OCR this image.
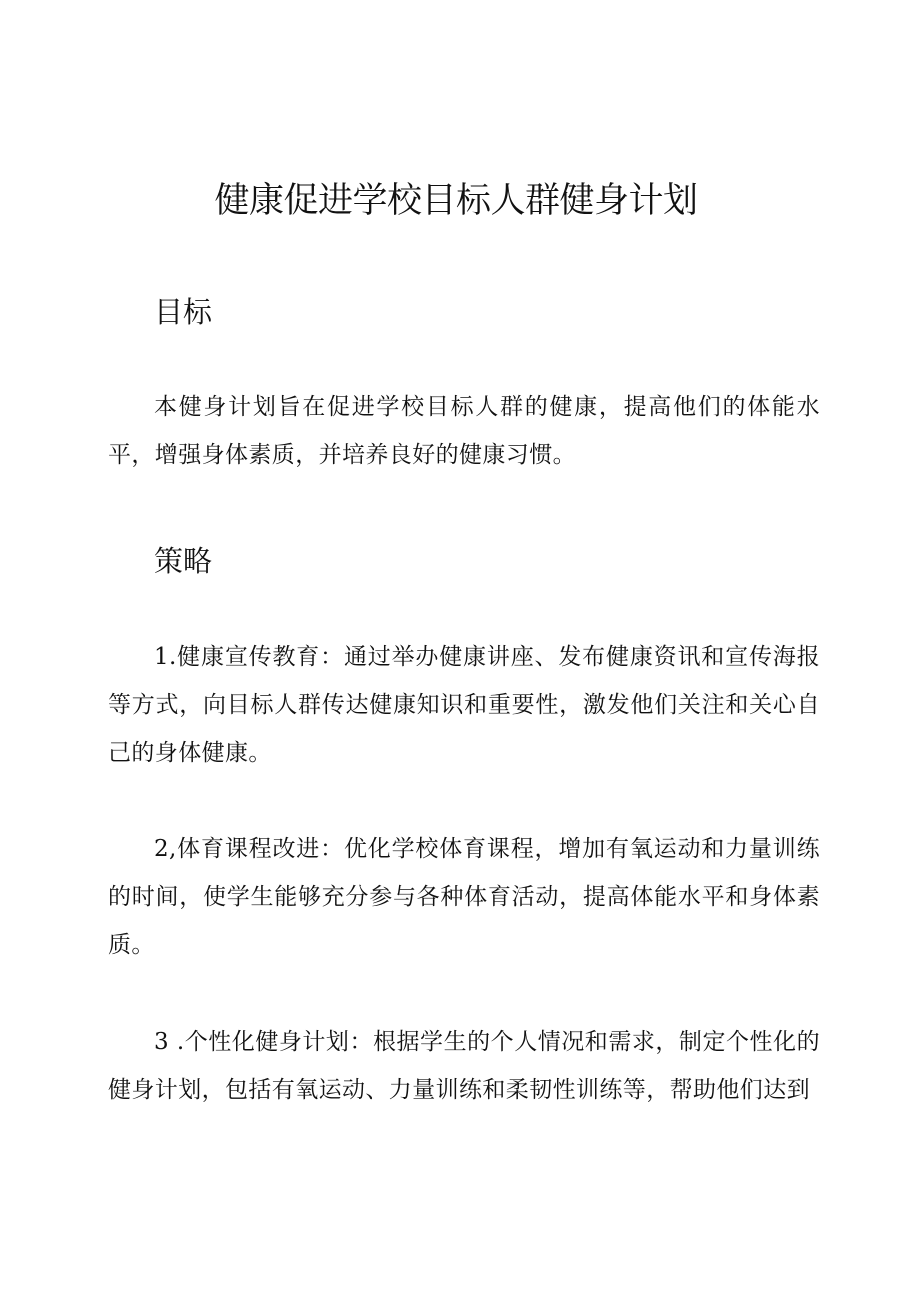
健康促进学校目标人群健身计划
目标

本健身计划旨在促进学校目标人群的健康，提高他们的体能水平，增强身体素质，并培养良好的健康习惯。

策略

1.健康宣传教育：通过举办健康讲座、发布健康资讯和宣传海报等方式，向目标人群传达健康知识和重要性，激发他们关注和关心自己的身体健康。

2,体育课程改进：优化学校体育课程，增加有氧运动和力量训练的时间，使学生能够充分参与各种体育活动，提高体能水平和身体素质。

3 .个性化健身计划：根据学生的个人情况和需求，制定个性化的健身计划，包括有氧运动、力量训练和柔韧性训练等，帮助他们达到
